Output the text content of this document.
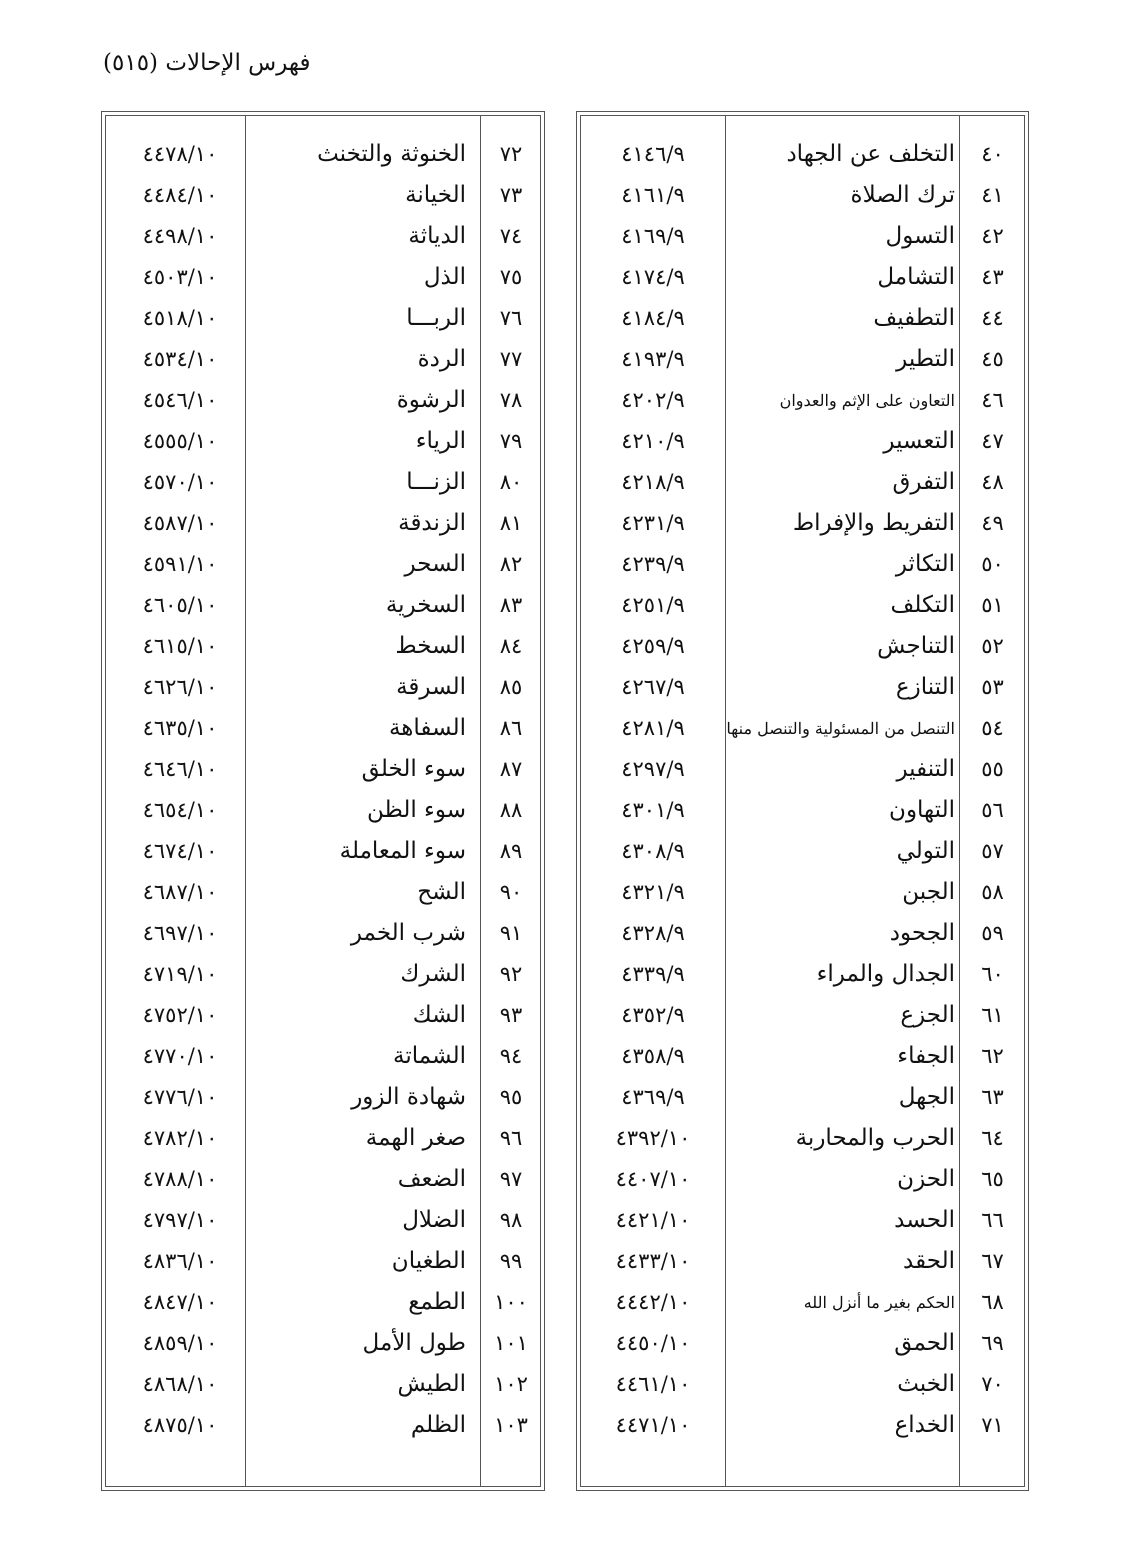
فهرس الإحالات (٥١٥)
٤٠
التخلف عن الجهاد
٤١٤٦/٩
٤١
ترك الصلاة
٤١٦١/٩
٤٢
التسول
٤١٦٩/٩
٤٣
التشامل
٤١٧٤/٩
٤٤
التطفيف
٤١٨٤/٩
٤٥
التطير
٤١٩٣/٩
٤٦
التعاون على الإثم والعدوان
٤٢٠٢/٩
٤٧
التعسير
٤٢١٠/٩
٤٨
التفرق
٤٢١٨/٩
٤٩
التفريط والإفراط
٤٢٣١/٩
٥٠
التكاثر
٤٢٣٩/٩
٥١
التكلف
٤٢٥١/٩
٥٢
التناجش
٤٢٥٩/٩
٥٣
التنازع
٤٢٦٧/٩
٥٤
التنصل من المسئولية والتنصل منها
٤٢٨١/٩
٥٥
التنفير
٤٢٩٧/٩
٥٦
التهاون
٤٣٠١/٩
٥٧
التولي
٤٣٠٨/٩
٥٨
الجبن
٤٣٢١/٩
٥٩
الجحود
٤٣٢٨/٩
٦٠
الجدال والمراء
٤٣٣٩/٩
٦١
الجزع
٤٣٥٢/٩
٦٢
الجفاء
٤٣٥٨/٩
٦٣
الجهل
٤٣٦٩/٩
٦٤
الحرب والمحاربة
٤٣٩٢/١٠
٦٥
الحزن
٤٤٠٧/١٠
٦٦
الحسد
٤٤٢١/١٠
٦٧
الحقد
٤٤٣٣/١٠
٦٨
الحكم بغير ما أنزل الله
٤٤٤٢/١٠
٦٩
الحمق
٤٤٥٠/١٠
٧٠
الخبث
٤٤٦١/١٠
٧١
الخداع
٤٤٧١/١٠
٧٢
الخنوثة والتخنث
٤٤٧٨/١٠
٧٣
الخيانة
٤٤٨٤/١٠
٧٤
الدياثة
٤٤٩٨/١٠
٧٥
الذل
٤٥٠٣/١٠
٧٦
الربـــا
٤٥١٨/١٠
٧٧
الردة
٤٥٣٤/١٠
٧٨
الرشوة
٤٥٤٦/١٠
٧٩
الرياء
٤٥٥٥/١٠
٨٠
الزنـــا
٤٥٧٠/١٠
٨١
الزندقة
٤٥٨٧/١٠
٨٢
السحر
٤٥٩١/١٠
٨٣
السخرية
٤٦٠٥/١٠
٨٤
السخط
٤٦١٥/١٠
٨٥
السرقة
٤٦٢٦/١٠
٨٦
السفاهة
٤٦٣٥/١٠
٨٧
سوء الخلق
٤٦٤٦/١٠
٨٨
سوء الظن
٤٦٥٤/١٠
٨٩
سوء المعاملة
٤٦٧٤/١٠
٩٠
الشح
٤٦٨٧/١٠
٩١
شرب الخمر
٤٦٩٧/١٠
٩٢
الشرك
٤٧١٩/١٠
٩٣
الشك
٤٧٥٢/١٠
٩٤
الشماتة
٤٧٧٠/١٠
٩٥
شهادة الزور
٤٧٧٦/١٠
٩٦
صغر الهمة
٤٧٨٢/١٠
٩٧
الضعف
٤٧٨٨/١٠
٩٨
الضلال
٤٧٩٧/١٠
٩٩
الطغيان
٤٨٣٦/١٠
١٠٠
الطمع
٤٨٤٧/١٠
١٠١
طول الأمل
٤٨٥٩/١٠
١٠٢
الطيش
٤٨٦٨/١٠
١٠٣
الظلم
٤٨٧٥/١٠
